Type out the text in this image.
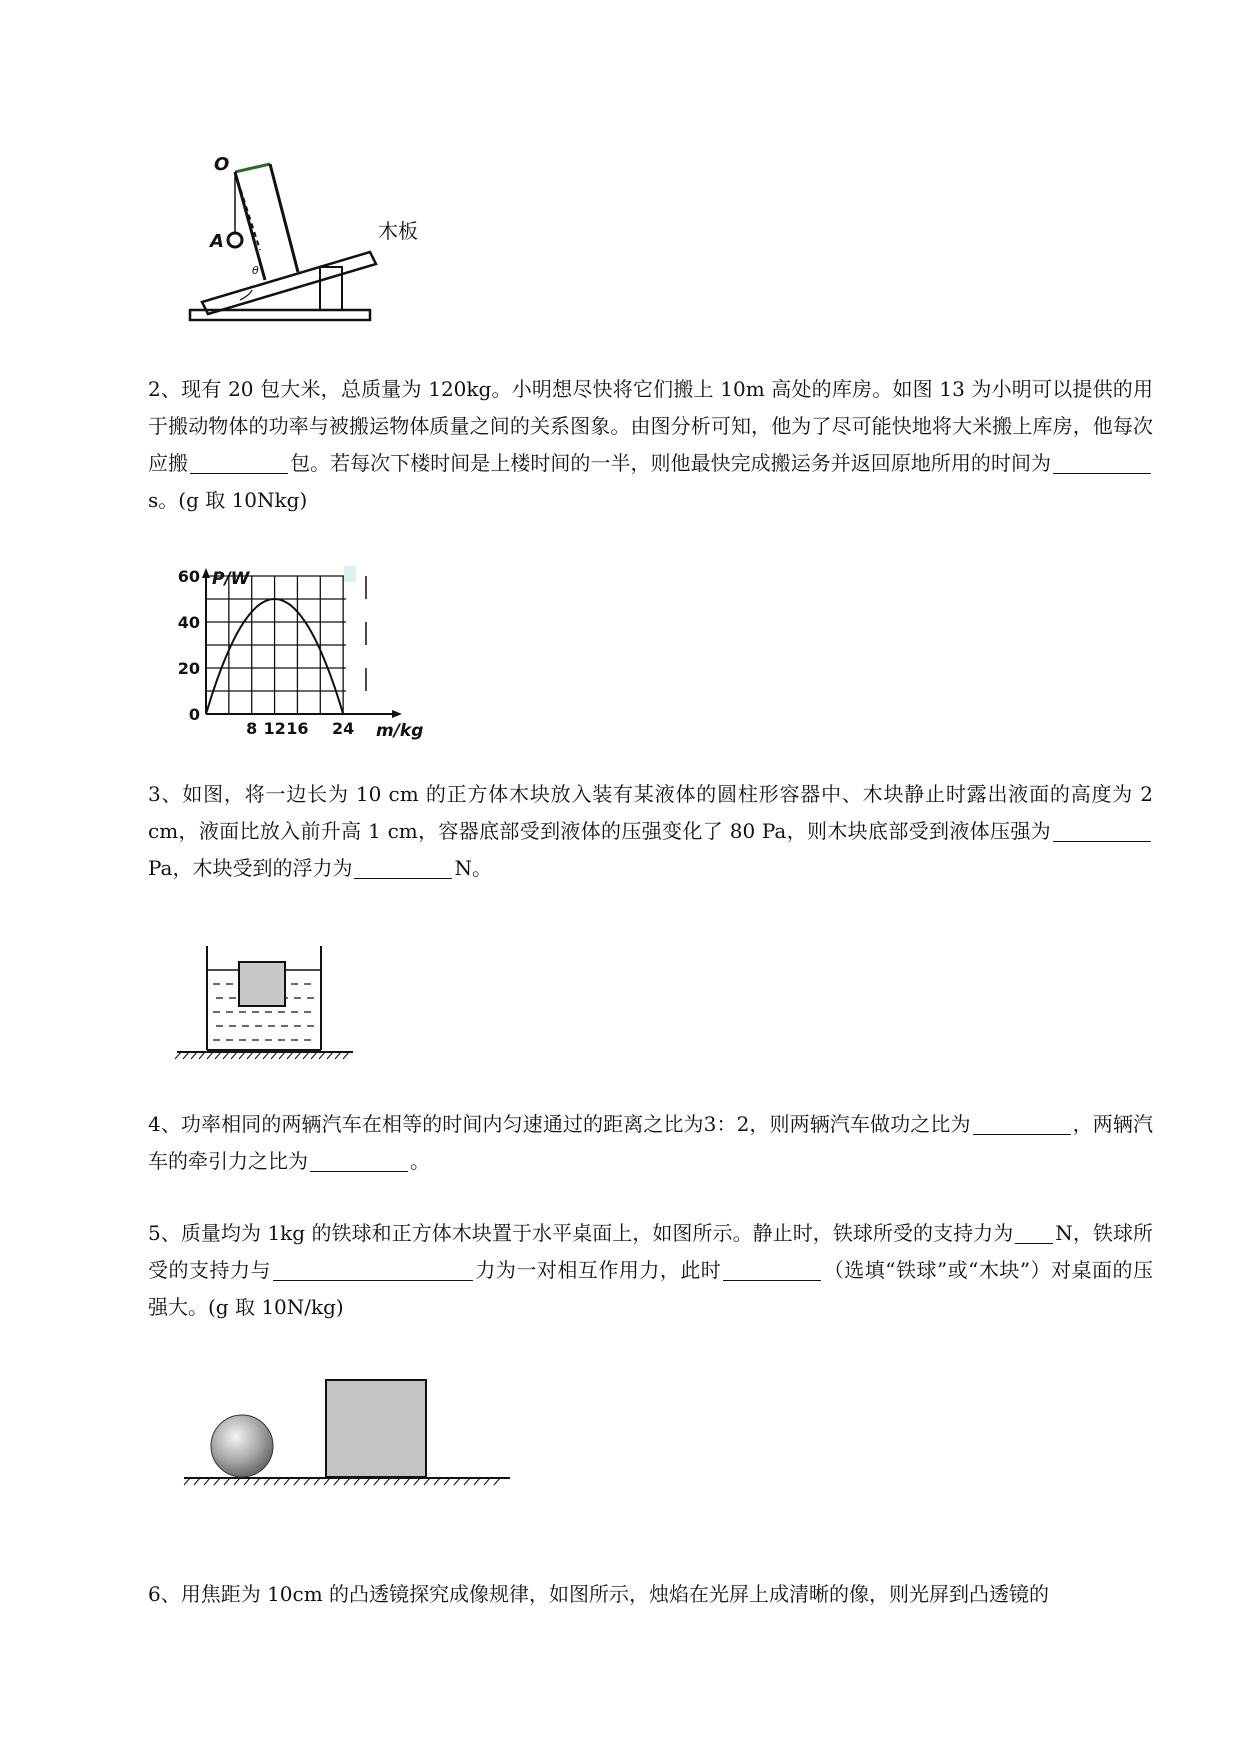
O
A
θ
木板

2、现有 20 包大米，总质量为 120kg。小明想尽快将它们搬上 10m 高处的库房。如图 13 为小明可以提供的用于搬动物体的功率与被搬运物体质量之间的关系图象。由图分析可知，他为了尽可能快地将大米搬上库房，他每次应搬	包。若每次下楼时间是上楼时间的一半，则他最快完成搬运务并返回原地所用的时间为s。(g 取 10Nkg)

0
20
40
60
8 12 16 24
P/W
m/kg

3、如图，将一边长为 10 cm 的正方体木块放入装有某液体的圆柱形容器中、木块静止时露出液面的高度为 2 cm，液面比放入前升高 1 cm，容器底部受到液体的压强变化了 80 Pa，则木块底部受到液体压强为Pa，木块受到的浮力为	N。

4、功率相同的两辆汽车在相等的时间内匀速通过的距离之比为3：2，则两辆汽车做功之比为	，两辆汽车的牵引力之比为	。

5、质量均为 1kg 的铁球和正方体木块置于水平桌面上，如图所示。静止时，铁球所受的支持力为 N，铁球所受的支持力与	力为一对相互作用力，此时	（选填“铁球”或“木块”）对桌面的压强大。(g 取 10N/kg)

6、用焦距为 10cm 的凸透镜探究成像规律，如图所示，烛焰在光屏上成清晰的像，则光屏到凸透镜的
